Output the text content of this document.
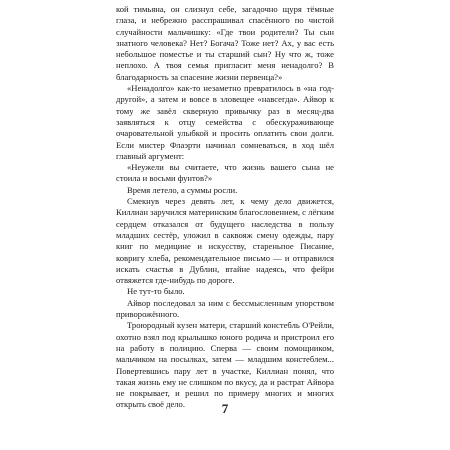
кой тимьяна, он слизнул себе, загадочно щуря тёмные глаза, и небрежно расспрашивал спасённого по чистой случайности мальчишку: «Где твои родители? Ты сын знатного человека? Нет? Богача? Тоже нет? Ах, у вас есть небольшое поместье и ты старший сын? Ну что ж, тоже неплохо. А твоя семья пригласит меня ненадолго? В благодарность за спасение жизни первенца?»

«Ненадолго» как-то незаметно превратилось в «на год-другой», а затем и вовсе в зловещее «навсегда». Айвор к тому же завёл скверную привычку раз в месяц-два заявляться к отцу семейства с обескураживающе очаровательной улыбкой и просить оплатить свои долги. Если мистер Флаэрти начинал сомневаться, в ход шёл главный аргумент:

«Неужели вы считаете, что жизнь вашего сына не стоила и восьми фунтов?»

Время летело, а суммы росли.

Смекнув через девять лет, к чему дело движется, Киллиан заручился материнским благословением, с лёгким сердцем отказался от будущего наследства в пользу младших сестёр, уложил в саквояж смену одежды, пару книг по медицине и искусству, стареньпое Писание, ковригу хлеба, рекомендательное письмо — и отправился искать счастья в Дублин, втайне надеясь, что фейри отвяжется где-нибудь по дороге.

Не тут-то было.

Айвор последовал за ним с бессмысленным упорством приворожённого.

Троюродный кузен матери, старший констебль О'Рейли, охотно взял под крылышко юного родича и пристроил его на работу в полицию. Сперва — своим помощником, мальчиком на посылках, затем — младшим констеблем... Повертевшись пару лет в участке, Киллиан понял, что такая жизнь ему не слишком по вкусу, да и растрат Айвора не покрывает, и решил по примеру многих и многих открыть своё дело.	7
